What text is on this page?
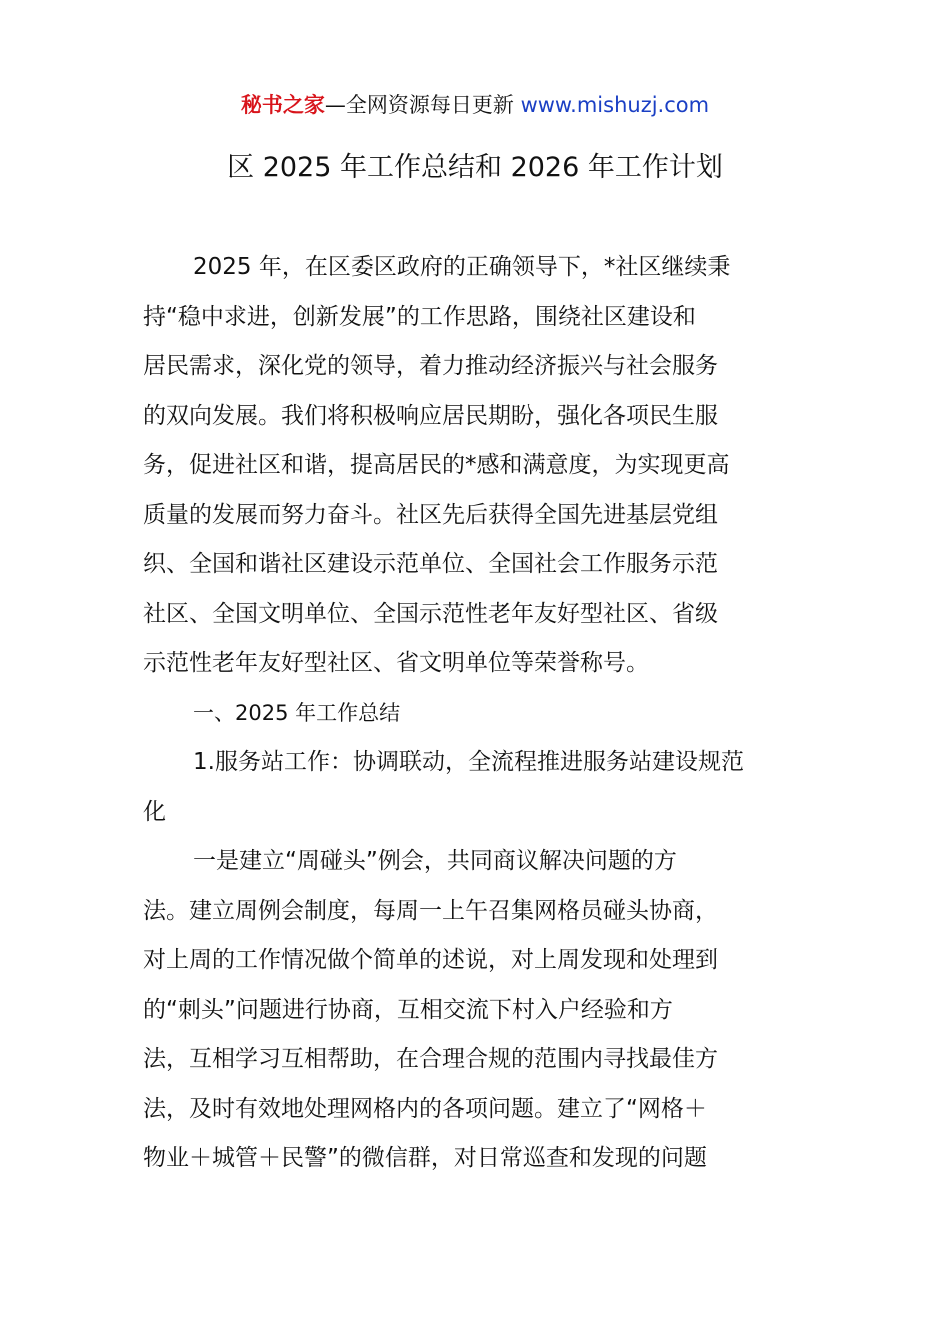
秘书之家—全网资源每日更新 www.mishuzj.com
区 2025 年工作总结和 2026 年工作计划
2025 年，在区委区政府的正确领导下，*社区继续秉
持“稳中求进，创新发展”的工作思路，围绕社区建设和
居民需求，深化党的领导，着力推动经济振兴与社会服务
的双向发展。我们将积极响应居民期盼，强化各项民生服
务，促进社区和谐，提高居民的*感和满意度，为实现更高
质量的发展而努力奋斗。社区先后获得全国先进基层党组
织、全国和谐社区建设示范单位、全国社会工作服务示范
社区、全国文明单位、全国示范性老年友好型社区、省级
示范性老年友好型社区、省文明单位等荣誉称号。
一、2025 年工作总结
1.服务站工作：协调联动，全流程推进服务站建设规范
化
一是建立“周碰头”例会，共同商议解决问题的方
法。建立周例会制度，每周一上午召集网格员碰头协商，
对上周的工作情况做个简单的述说，对上周发现和处理到
的“刺头”问题进行协商，互相交流下村入户经验和方
法，互相学习互相帮助，在合理合规的范围内寻找最佳方
法，及时有效地处理网格内的各项问题。建立了“网格＋
物业＋城管＋民警”的微信群，对日常巡查和发现的问题
